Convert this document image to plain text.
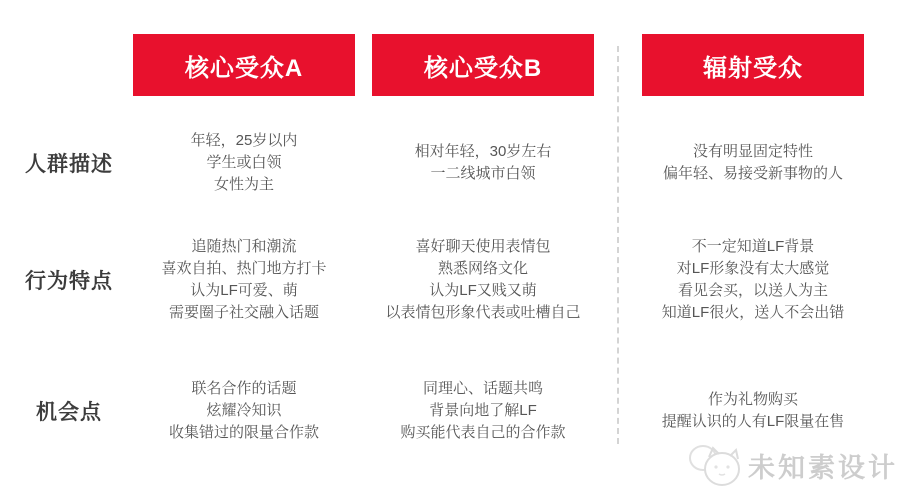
人群描述
行为特点
机会点
核心受众A
年轻，25岁以内
学生或白领
女性为主
追随热门和潮流
喜欢自拍、热门地方打卡
认为LF可爱、萌
需要圈子社交融入话题
联名合作的话题
炫耀冷知识
收集错过的限量合作款
核心受众B
相对年轻，30岁左右
一二线城市白领
喜好聊天使用表情包
熟悉网络文化
认为LF又贱又萌
以表情包形象代表或吐槽自己
同理心、话题共鸣
背景向地了解LF
购买能代表自己的合作款
辐射受众
没有明显固定特性
偏年轻、易接受新事物的人
不一定知道LF背景
对LF形象没有太大感觉
看见会买，以送人为主
知道LF很火，送人不会出错
作为礼物购买
提醒认识的人有LF限量在售
未知素设计
